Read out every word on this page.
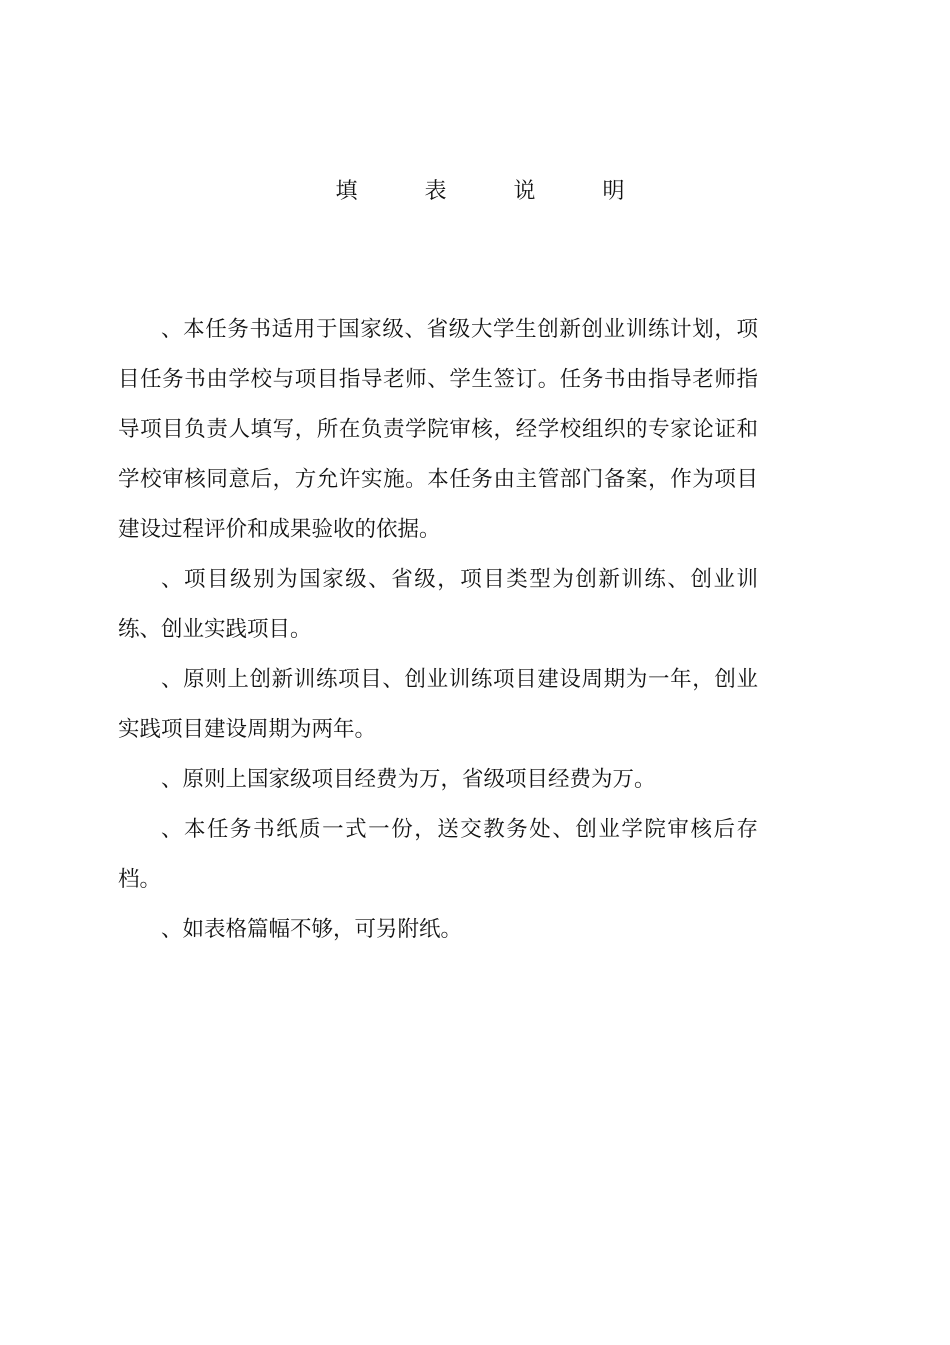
填 表 说 明

、本任务书适用于国家级、省级大学生创新创业训练计划，项目任务书由学校与项目指导老师、学生签订。任务书由指导老师指导项目负责人填写，所在负责学院审核，经学校组织的专家论证和学校审核同意后，方允许实施。本任务由主管部门备案，作为项目建设过程评价和成果验收的依据。

、项目级别为国家级、省级，项目类型为创新训练、创业训练、创业实践项目。

、原则上创新训练项目、创业训练项目建设周期为一年，创业实践项目建设周期为两年。

、原则上国家级项目经费为万，省级项目经费为万。

、本任务书纸质一式一份，送交教务处、创业学院审核后存档。

、如表格篇幅不够，可另附纸。
